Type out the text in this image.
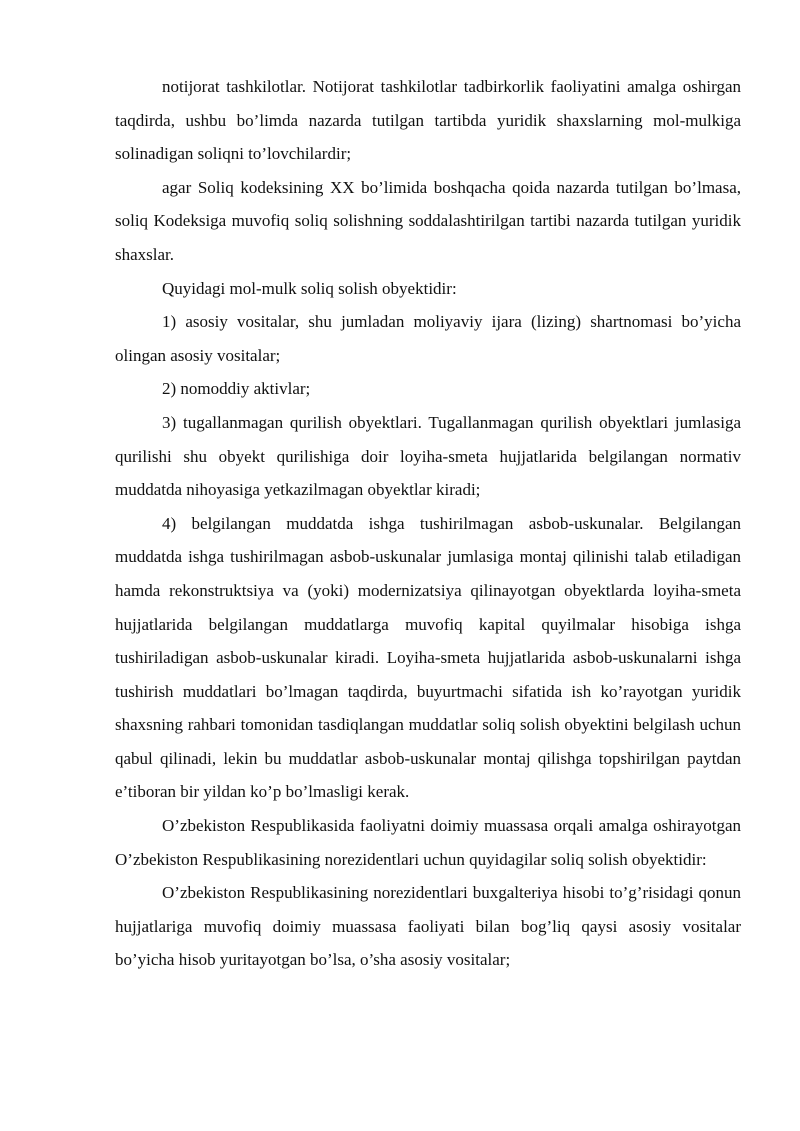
notijorat tashkilotlar. Notijorat tashkilotlar tadbirkorlik faoliyatini amalga oshirgan taqdirda, ushbu bo’limda nazarda tutilgan tartibda yuridik shaxslarning mol-mulkiga solinadigan soliqni to’lovchilardir;

agar Soliq kodeksining XX bo’limida boshqacha qoida nazarda tutilgan bo’lmasa, soliq Kodeksiga muvofiq soliq solishning soddalashtirilgan tartibi nazarda tutilgan yuridik shaxslar.

Quyidagi mol-mulk soliq solish obyektidir:

1) asosiy vositalar, shu jumladan moliyaviy ijara (lizing) shartnomasi bo’yicha olingan asosiy vositalar;

2) nomoddiy aktivlar;

3) tugallanmagan qurilish obyektlari. Tugallanmagan qurilish obyektlari jumlasiga qurilishi shu obyekt qurilishiga doir loyiha-smeta hujjatlarida belgilangan normativ muddatda nihoyasiga yetkazilmagan obyektlar kiradi;

4) belgilangan muddatda ishga tushirilmagan asbob-uskunalar. Belgilangan muddatda ishga tushirilmagan asbob-uskunalar jumlasiga montaj qilinishi talab etiladigan hamda rekonstruktsiya va (yoki) modernizatsiya qilinayotgan obyektlarda loyiha-smeta hujjatlarida belgilangan muddatlarga muvofiq kapital quyilmalar hisobiga ishga tushiriladigan asbob-uskunalar kiradi. Loyiha-smeta hujjatlarida asbob-uskunalarni ishga tushirish muddatlari bo’lmagan taqdirda, buyurtmachi sifatida ish ko’rayotgan yuridik shaxsning rahbari tomonidan tasdiqlangan muddatlar soliq solish obyektini belgilash uchun qabul qilinadi, lekin bu muddatlar asbob-uskunalar montaj qilishga topshirilgan paytdan e’tiboran bir yildan ko’p bo’lmasligi kerak.

O’zbekiston Respublikasida faoliyatni doimiy muassasa orqali amalga oshirayotgan O’zbekiston Respublikasining norezidentlari uchun quyidagilar soliq solish obyektidir:

O’zbekiston Respublikasining norezidentlari buxgalteriya hisobi to’g’risidagi qonun hujjatlariga muvofiq doimiy muassasa faoliyati bilan bog’liq qaysi asosiy vositalar bo’yicha hisob yuritayotgan bo’lsa, o’sha asosiy vositalar;
